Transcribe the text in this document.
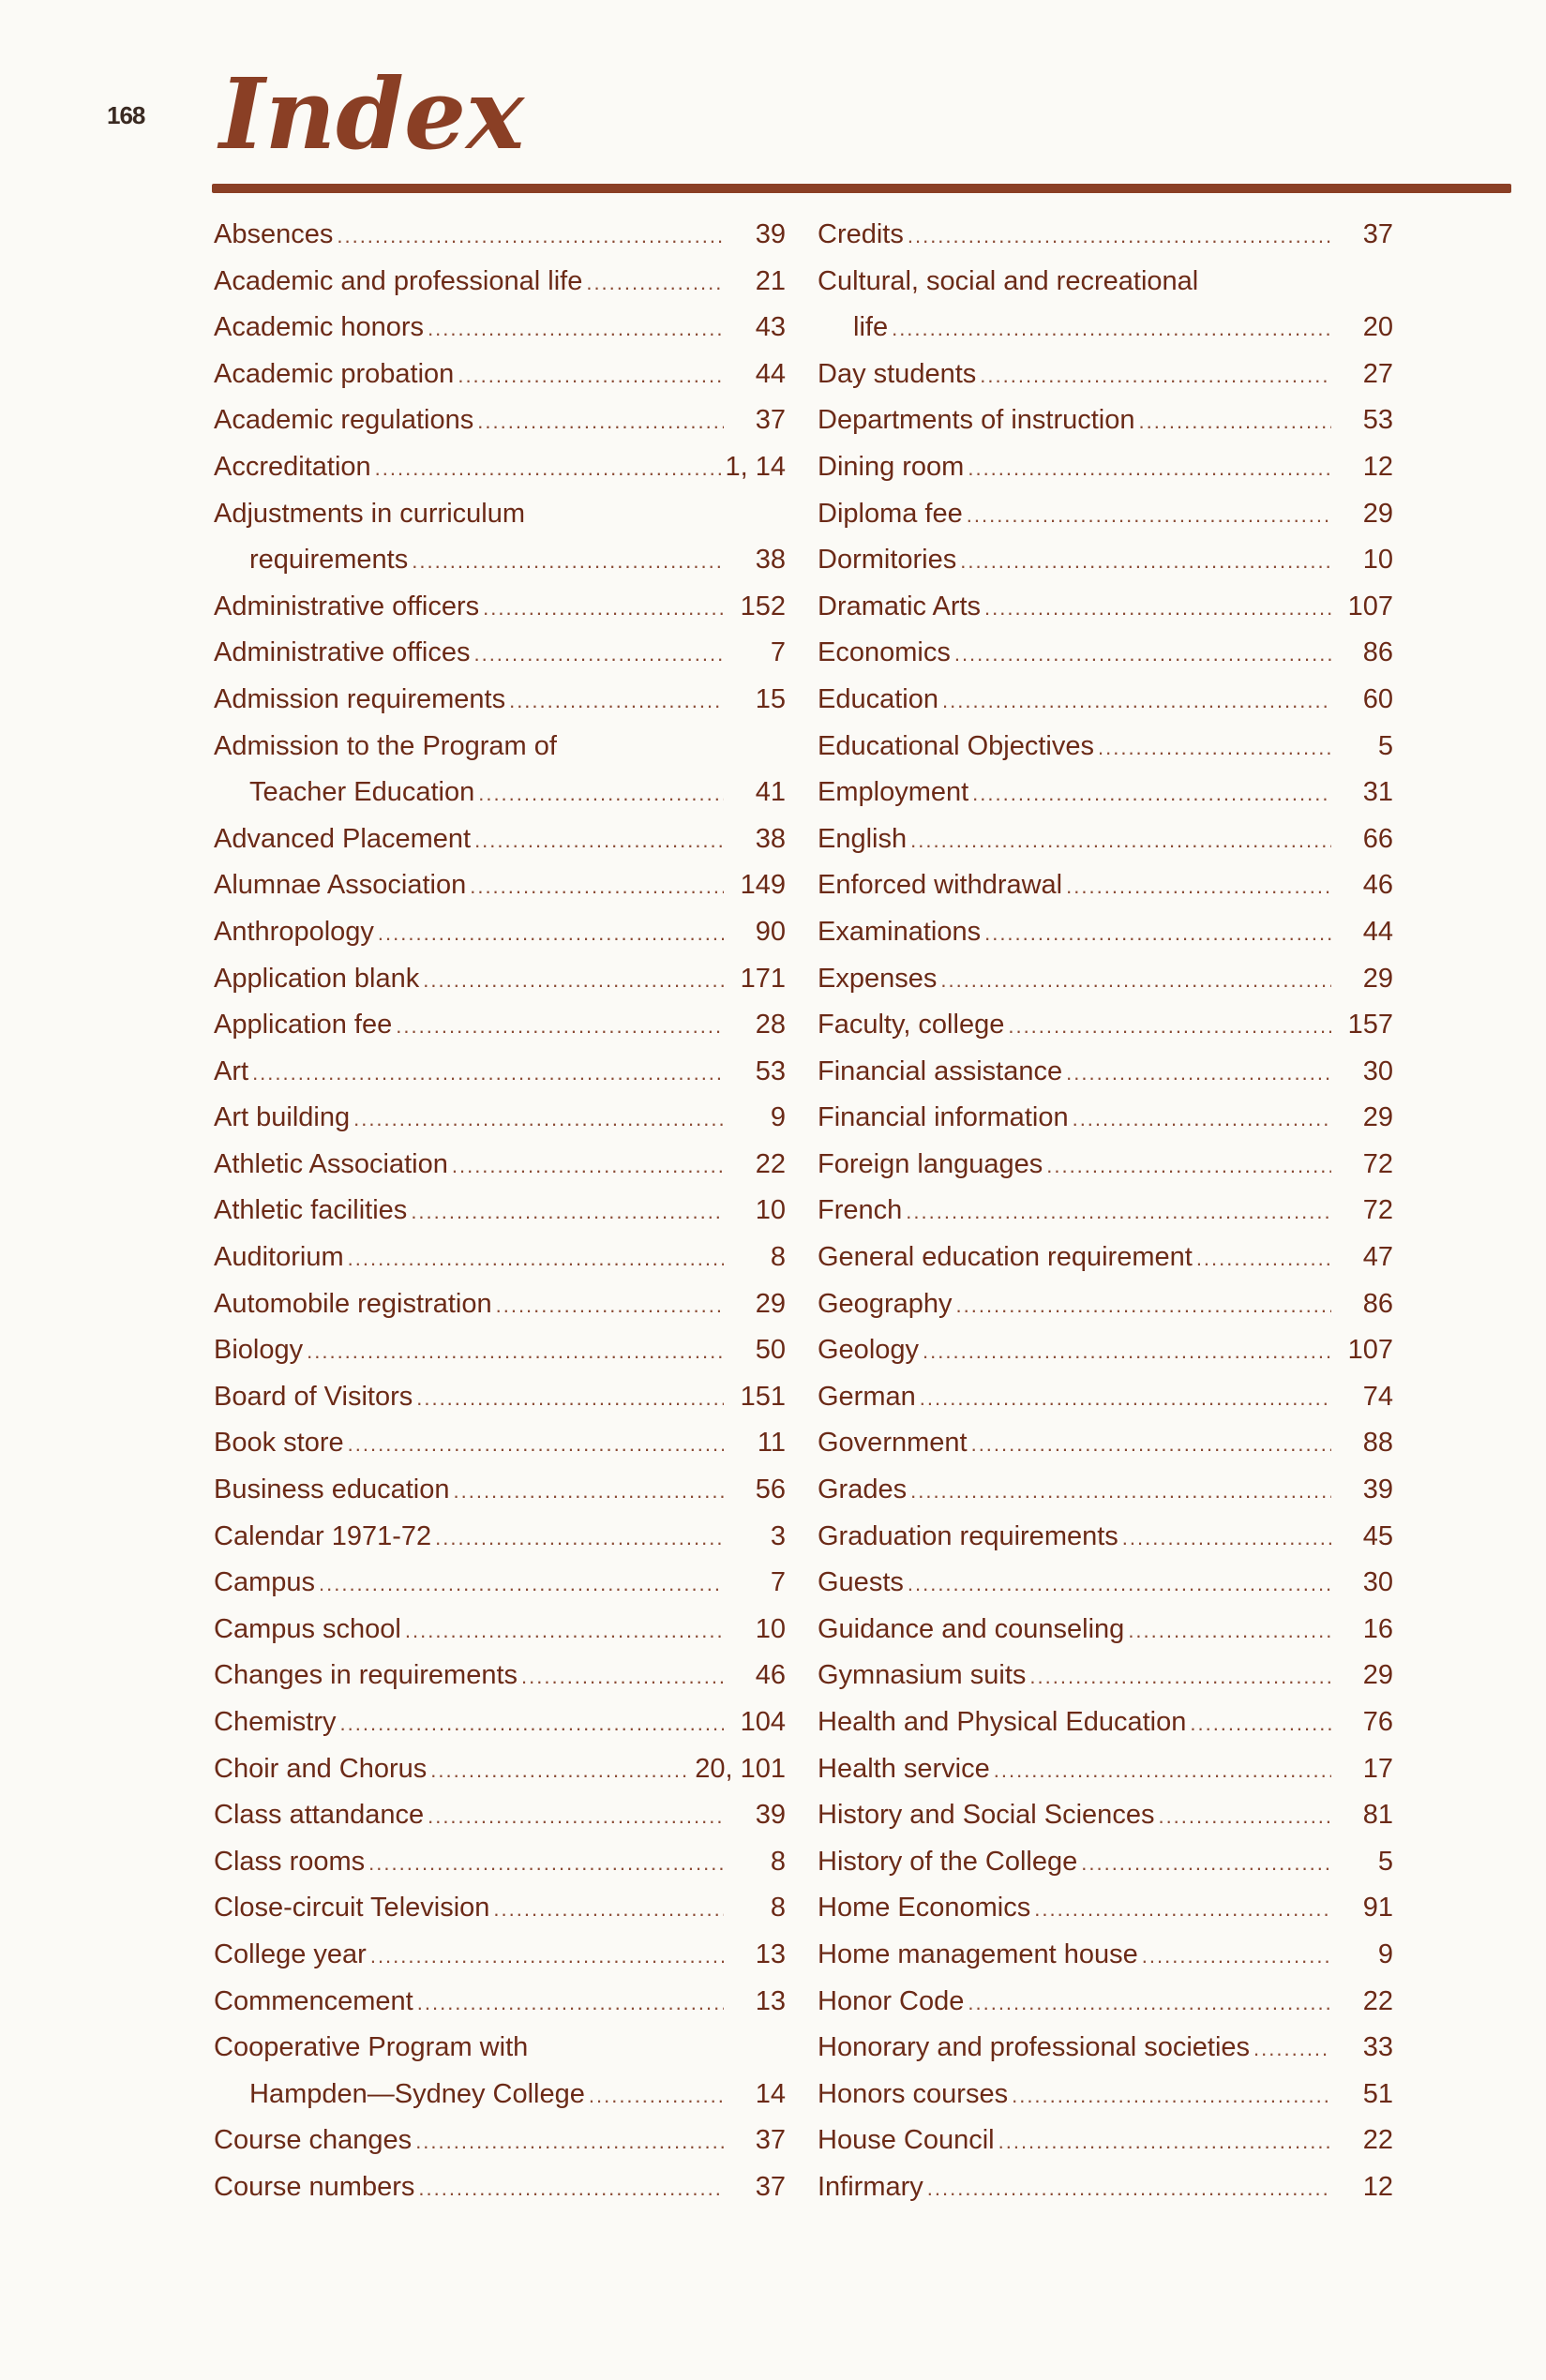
168 Index
Absences .....	39
Academic and professional life .....	21
Academic honors .....	43
Academic probation .....	44
Academic regulations .....	37
Accreditation .....	1, 14
Adjustments in curriculum
requirements .....	38
Administrative officers .....	152
Administrative offices .....	7
Admission requirements .....	15
Admission to the Program of
Teacher Education .....	41
Advanced Placement .....	38
Alumnae Association .....	149
Anthropology .....	90
Application blank .....	171
Application fee .....	28
Art .....	53
Art building .....	9
Athletic Association .....	22
Athletic facilities .....	10
Auditorium .....	8
Automobile registration .....	29
Biology .....	50
Board of Visitors .....	151
Book store .....	11
Business education .....	56
Calendar 1971-72 .....	3
Campus .....	7
Campus school .....	10
Changes in requirements .....	46
Chemistry .....	104
Choir and Chorus .....	20, 101
Class attandance .....	39
Class rooms .....	8
Close-circuit Television .....	8
College year .....	13
Commencement .....	13
Cooperative Program with
Hampden—Sydney College .....	14
Course changes .....	37
Course numbers .....	37
Credits .....	37
Cultural, social and recreational
life .....	20
Day students .....	27
Departments of instruction .....	53
Dining room .....	12
Diploma fee .....	29
Dormitories .....	10
Dramatic Arts .....	107
Economics .....	86
Education .....	60
Educational Objectives .....	5
Employment .....	31
English .....	66
Enforced withdrawal .....	46
Examinations .....	44
Expenses .....	29
Faculty, college .....	157
Financial assistance .....	30
Financial information .....	29
Foreign languages .....	72
French .....	72
General education requirement .....	47
Geography .....	86
Geology .....	107
German .....	74
Government .....	88
Grades .....	39
Graduation requirements .....	45
Guests .....	30
Guidance and counseling .....	16
Gymnasium suits .....	29
Health and Physical Education .....	76
Health service .....	17
History and Social Sciences .....	81
History of the College .....	5
Home Economics .....	91
Home management house .....	9
Honor Code .....	22
Honorary and professional societies .....	33
Honors courses .....	51
House Council .....	22
Infirmary .....	12
